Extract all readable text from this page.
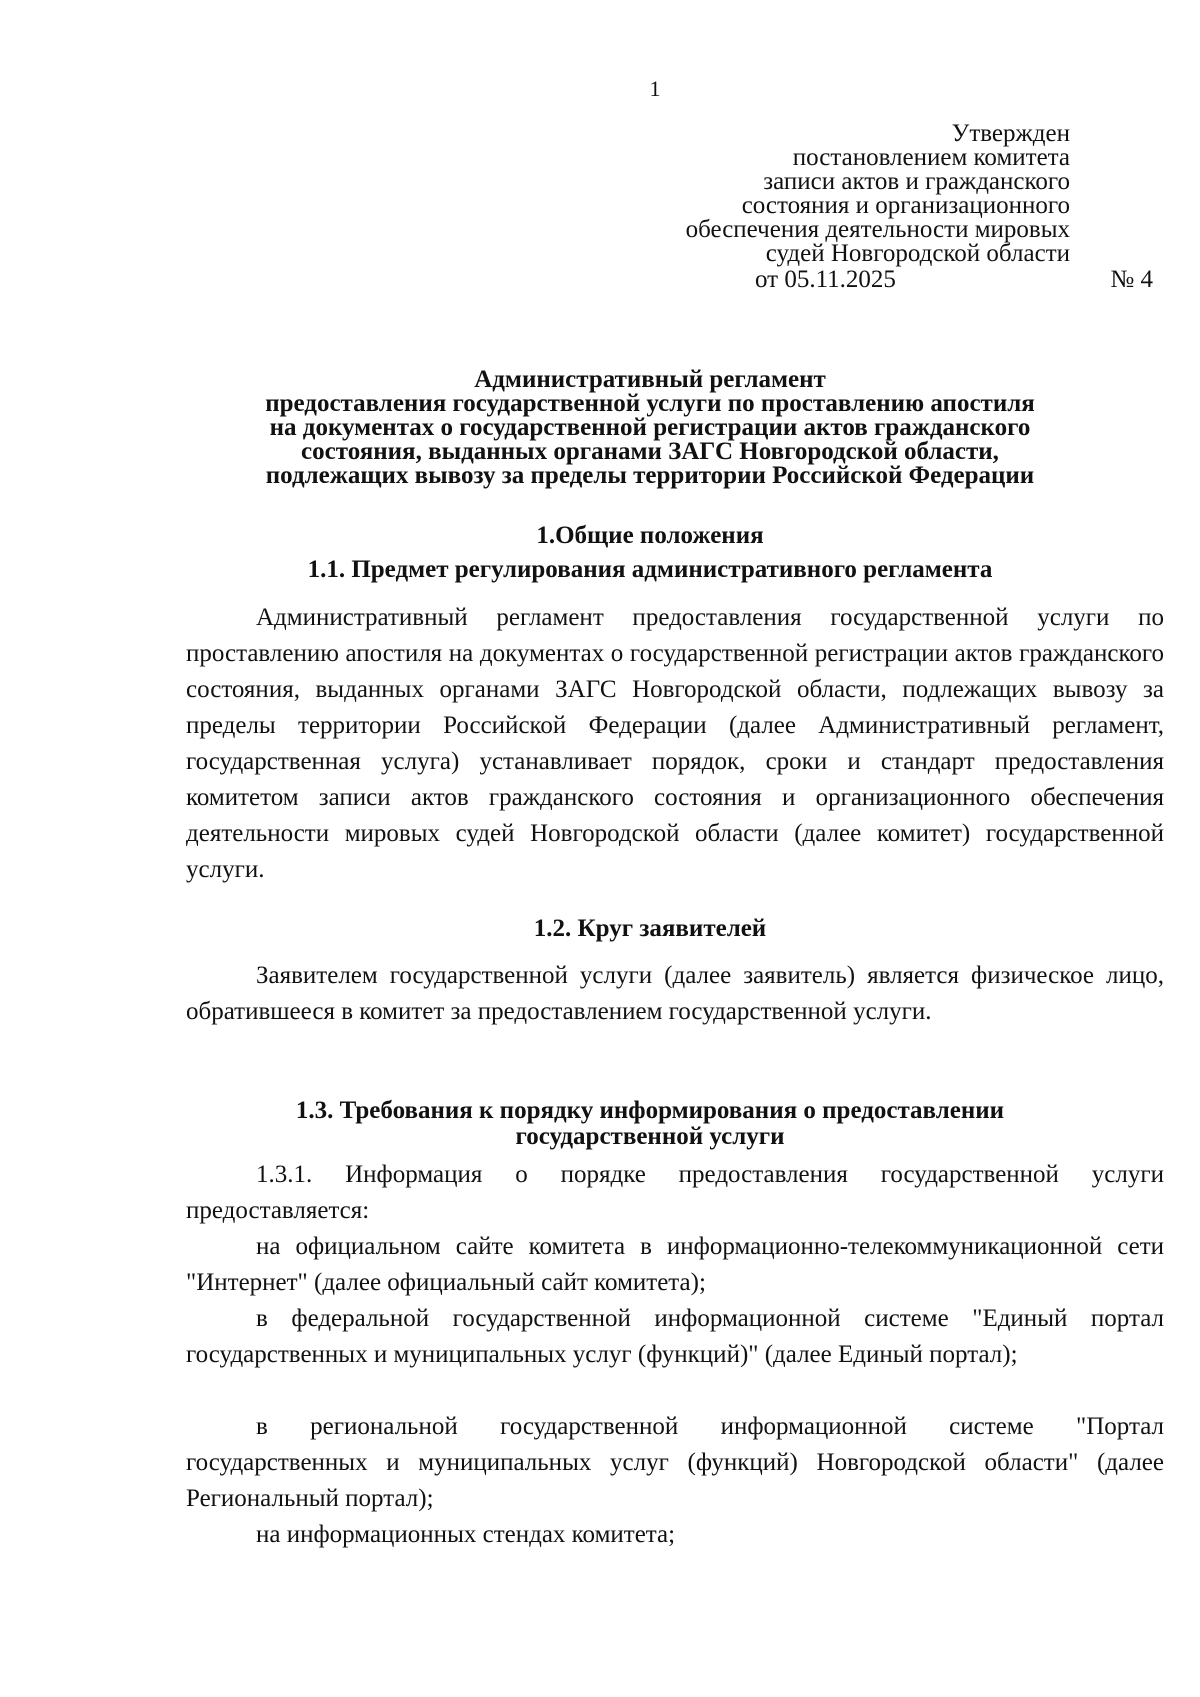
1
Утвержден
постановлением комитета
записи актов и гражданского
состояния и организационного
обеспечения деятельности мировых
судей Новгородской области
от 05.11.2025	№ 4
Административный регламент
предоставления государственной услуги по проставлению апостиля
на документах о государственной регистрации актов гражданского
состояния, выданных органами ЗАГС Новгородской области,
подлежащих вывозу за пределы территории Российской Федерации
1.Общие положения
1.1. Предмет регулирования административного регламента
Административный регламент предоставления государственной услуги по проставлению апостиля на документах о государственной регистрации актов гражданского состояния, выданных органами ЗАГС Новгородской области, подлежащих вывозу за пределы территории Российской Федерации (далее Административный регламент, государственная услуга) устанавливает порядок, сроки и стандарт предоставления комитетом записи актов гражданского состояния и организационного обеспечения деятельности мировых судей Новгородской области (далее комитет) государственной услуги.
1.2. Круг заявителей
Заявителем государственной услуги (далее заявитель) является физическое лицо, обратившееся в комитет за предоставлением государственной услуги.
1.3. Требования к порядку информирования о предоставлении
государственной услуги
1.3.1. Информация о порядке предоставления государственной услуги предоставляется:
на официальном сайте комитета в информационно-телекоммуникационной сети "Интернет" (далее официальный сайт комитета);
в федеральной государственной информационной системе "Единый портал государственных и муниципальных услуг (функций)" (далее Единый портал);
в региональной государственной информационной системе "Портал государственных и муниципальных услуг (функций) Новгородской области" (далее Региональный портал);
на информационных стендах комитета;
